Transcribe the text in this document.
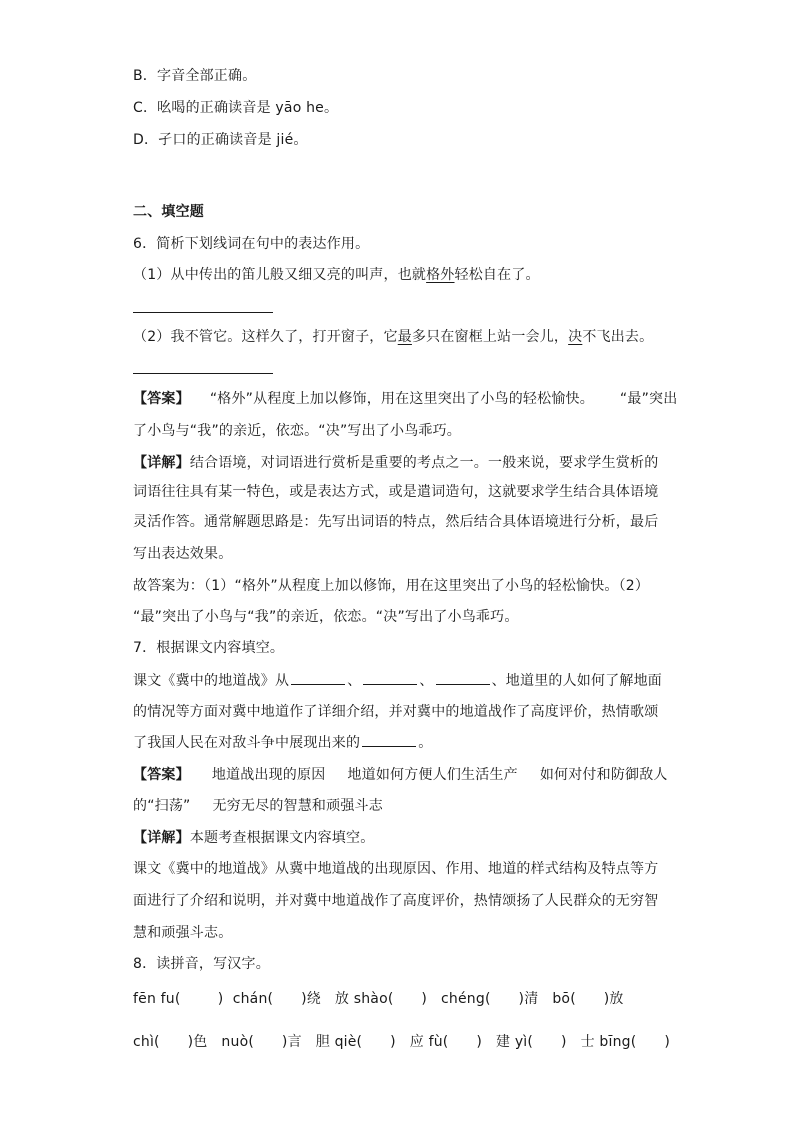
B．字音全部正确。
C．吆喝的正确读音是 yāo he。
D．孑口的正确读音是 jié。
二、填空题
6．简析下划线词在句中的表达作用。
（1）从中传出的笛儿般又细又亮的叫声，也就格外轻松自在了。
（2）我不管它。这样久了，打开窗子，它最多只在窗框上站一会儿，决不飞出去。
【答案】 “格外”从程度上加以修饰，用在这里突出了小鸟的轻松愉快。 “最”突出
了小鸟与“我”的亲近，依恋。“决”写出了小鸟乖巧。
【详解】结合语境，对词语进行赏析是重要的考点之一。一般来说，要求学生赏析的
词语往往具有某一特色，或是表达方式，或是遣词造句，这就要求学生结合具体语境
灵活作答。通常解题思路是：先写出词语的特点，然后结合具体语境进行分析，最后
写出表达效果。
故答案为：（1）“格外”从程度上加以修饰，用在这里突出了小鸟的轻松愉快。（2）
“最”突出了小鸟与“我”的亲近，依恋。“决”写出了小鸟乖巧。
7．根据课文内容填空。
课文《冀中的地道战》从	、	、	、地道里的人如何了解地面
的情况等方面对冀中地道作了详细介绍，并对冀中的地道战作了高度评价，热情歌颂
了我国人民在对敌斗争中展现出来的	。
【答案】 地道战出现的原因 地道如何方便人们生活生产 如何对付和防御敌人
的“扫荡” 无穷无尽的智慧和顽强斗志
【详解】本题考查根据课文内容填空。
课文《冀中的地道战》从冀中地道战的出现原因、作用、地道的样式结构及特点等方
面进行了介绍和说明，并对冀中地道战作了高度评价，热情颂扬了人民群众的无穷智
慧和顽强斗志。
8．读拼音，写汉字。
fēn fu(        )  chán(      )绕   放 shào(      )   chéng(      )清   bō(      )放
chì(      )色   nuò(      )言   胆 qiè(      )   应 fù(      )   建 yì(      )   士 bīng(      )
